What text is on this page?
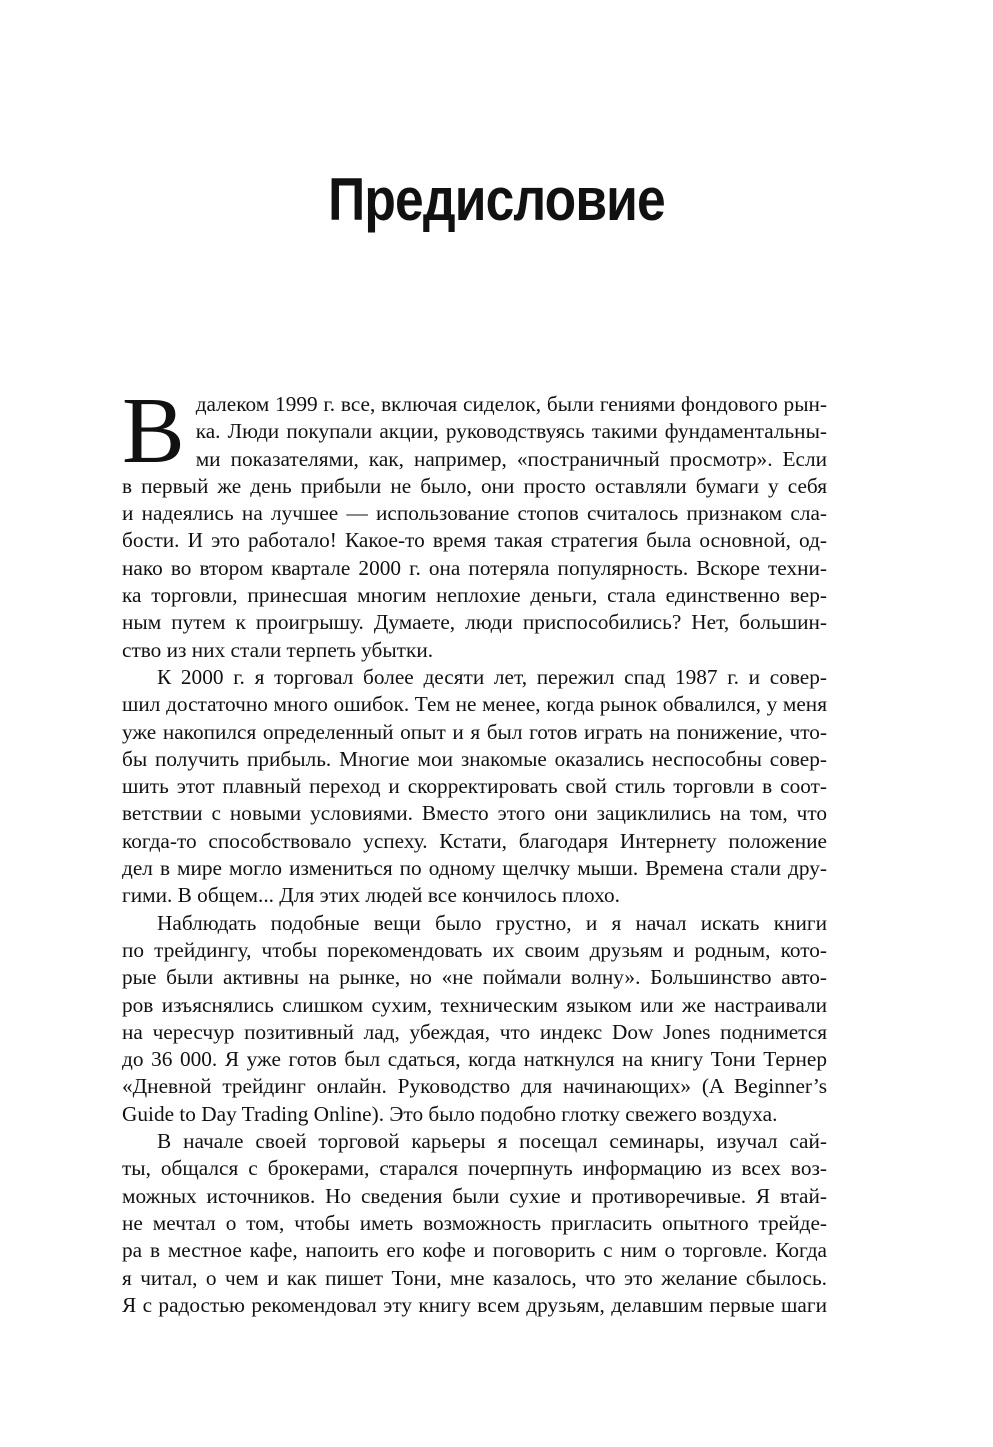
Предисловие
В далеком 1999 г. все, включая сиделок, были гениями фондового рын-
ка. Люди покупали акции, руководствуясь такими фундаментальны-
ми показателями, как, например, «постраничный просмотр». Если
в первый же день прибыли не было, они просто оставляли бумаги у себя
и надеялись на лучшее — использование стопов считалось признаком сла-
бости. И это работало! Какое-то время такая стратегия была основной, од-
нако во втором квартале 2000 г. она потеряла популярность. Вскоре техни-
ка торговли, принесшая многим неплохие деньги, стала единственно вер-
ным путем к проигрышу. Думаете, люди приспособились? Нет, большин-
ство из них стали терпеть убытки.
К 2000 г. я торговал более десяти лет, пережил спад 1987 г. и совер-
шил достаточно много ошибок. Тем не менее, когда рынок обвалился, у меня
уже накопился определенный опыт и я был готов играть на понижение, что-
бы получить прибыль. Многие мои знакомые оказались неспособны совер-
шить этот плавный переход и скорректировать свой стиль торговли в соот-
ветствии с новыми условиями. Вместо этого они зациклились на том, что
когда-то способствовало успеху. Кстати, благодаря Интернету положение
дел в мире могло измениться по одному щелчку мыши. Времена стали дру-
гими. В общем... Для этих людей все кончилось плохо.
Наблюдать подобные вещи было грустно, и я начал искать книги
по трейдингу, чтобы порекомендовать их своим друзьям и родным, кото-
рые были активны на рынке, но «не поймали волну». Большинство авто-
ров изъяснялись слишком сухим, техническим языком или же настраивали
на чересчур позитивный лад, убеждая, что индекс Dow Jones поднимется
до 36 000. Я уже готов был сдаться, когда наткнулся на книгу Тони Тернер
«Дневной трейдинг онлайн. Руководство для начинающих» (A Beginner’s
Guide to Day Trading Online). Это было подобно глотку свежего воздуха.
В начале своей торговой карьеры я посещал семинары, изучал сай-
ты, общался с брокерами, старался почерпнуть информацию из всех воз-
можных источников. Но сведения были сухие и противоречивые. Я втай-
не мечтал о том, чтобы иметь возможность пригласить опытного трейде-
ра в местное кафе, напоить его кофе и поговорить с ним о торговле. Когда
я читал, о чем и как пишет Тони, мне казалось, что это желание сбылось.
Я с радостью рекомендовал эту книгу всем друзьям, делавшим первые шаги
